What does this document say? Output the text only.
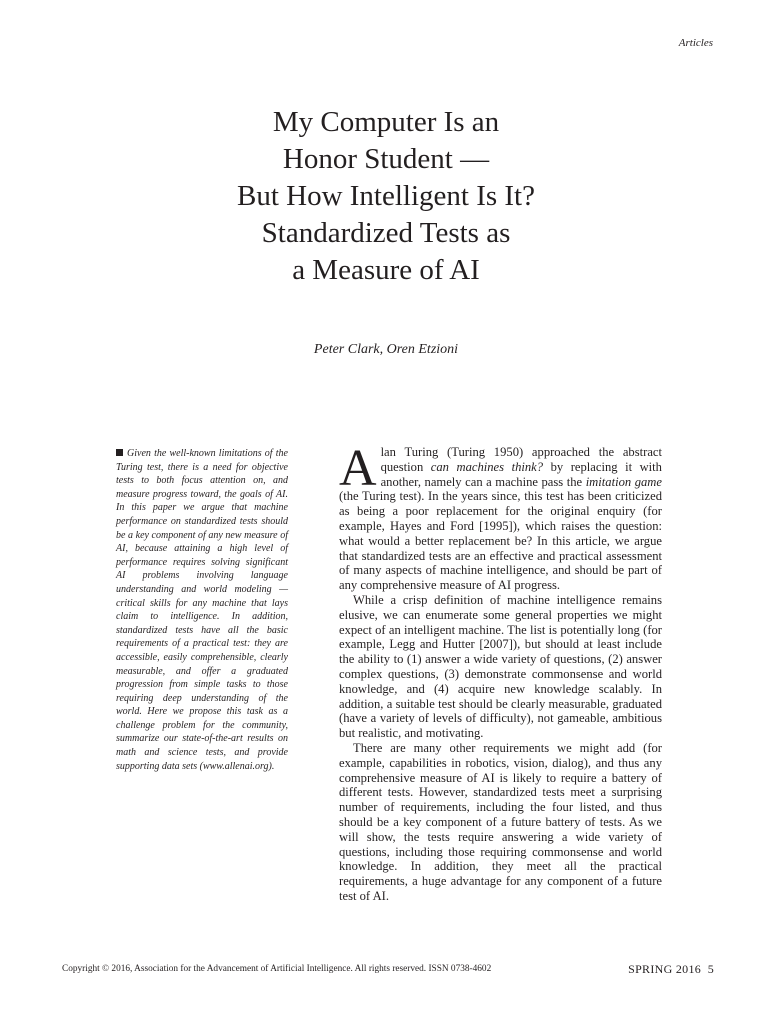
Articles
My Computer Is an
Honor Student —
But How Intelligent Is It?
Standardized Tests as
a Measure of AI
Peter Clark, Oren Etzioni

Given the well-known limitations of the Turing test, there is a need for objective tests to both focus attention on, and measure progress toward, the goals of AI. In this paper we argue that machine performance on standardized tests should be a key component of any new measure of AI, because attaining a high level of performance requires solving significant AI problems involving language understanding and world modeling — critical skills for any machine that lays claim to intelligence. In addition, standardized tests have all the basic requirements of a practical test: they are accessible, easily comprehensible, clearly measurable, and offer a graduated progression from simple tasks to those requiring deep understanding of the world. Here we propose this task as a challenge problem for the community, summarize our state-of-the-art results on math and science tests, and provide supporting data sets (www.allenai.org).

Alan Turing (Turing 1950) approached the abstract question can machines think? by replacing it with another, namely can a machine pass the imitation game (the Turing test). In the years since, this test has been criticized as being a poor replacement for the original enquiry (for example, Hayes and Ford [1995]), which raises the question: what would a better replacement be? In this article, we argue that standardized tests are an effective and practical assessment of many aspects of machine intelligence, and should be part of any comprehensive measure of AI progress.

While a crisp definition of machine intelligence remains elusive, we can enumerate some general properties we might expect of an intelligent machine. The list is potentially long (for example, Legg and Hutter [2007]), but should at least include the ability to (1) answer a wide variety of questions, (2) answer complex questions, (3) demonstrate commonsense and world knowledge, and (4) acquire new knowledge scalably. In addition, a suitable test should be clearly measurable, graduated (have a variety of levels of difficulty), not gameable, ambitious but realistic, and motivating.

There are many other requirements we might add (for example, capabilities in robotics, vision, dialog), and thus any comprehensive measure of AI is likely to require a battery of different tests. However, standardized tests meet a surprising number of requirements, including the four listed, and thus should be a key component of a future battery of tests. As we will show, the tests require answering a wide variety of questions, including those requiring commonsense and world knowledge. In addition, they meet all the practical requirements, a huge advantage for any component of a future test of AI.

Copyright © 2016, Association for the Advancement of Artificial Intelligence. All rights reserved. ISSN 0738-4602	SPRING 2016 5
